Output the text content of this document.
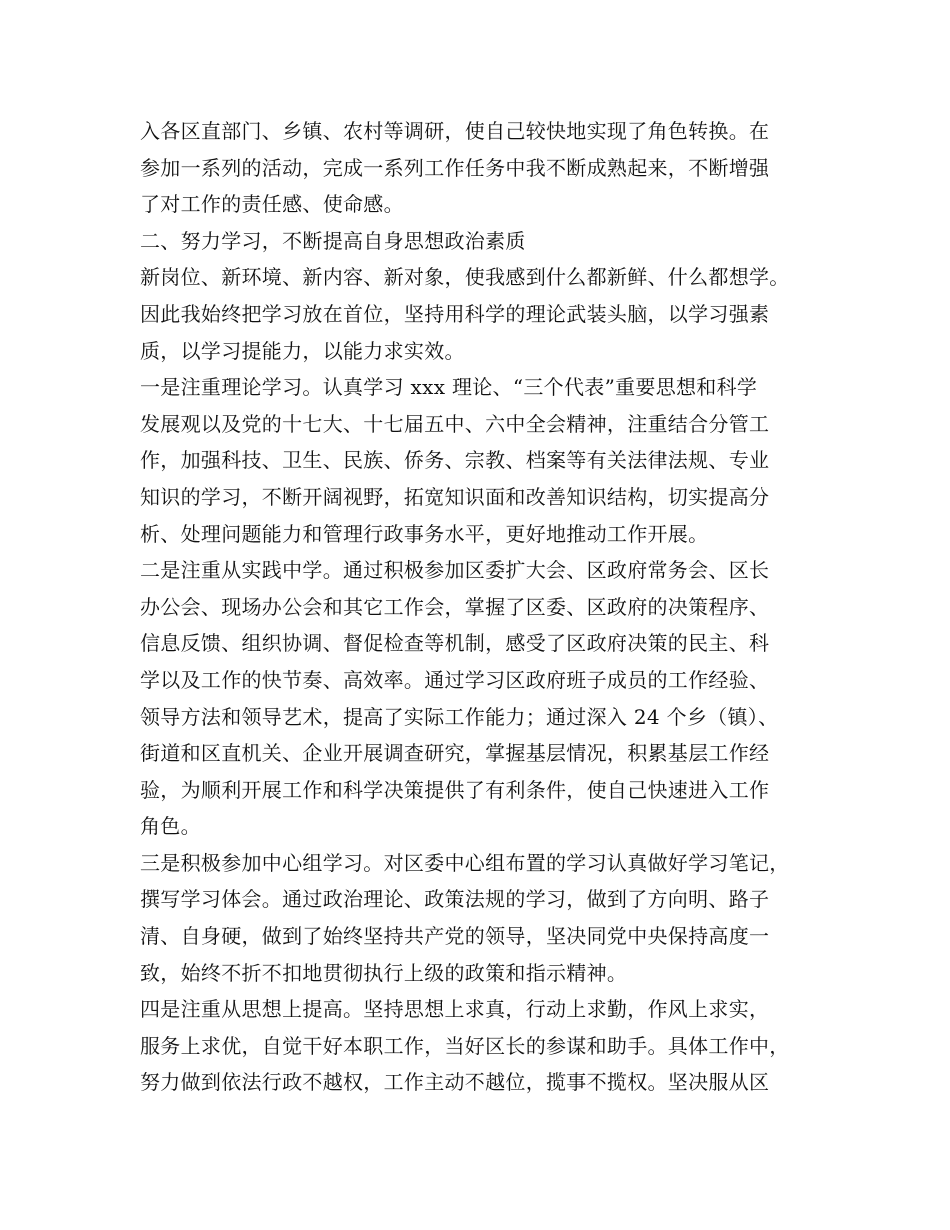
入各区直部门、乡镇、农村等调研，使自己较快地实现了角色转换。在
参加一系列的活动，完成一系列工作任务中我不断成熟起来，不断增强
了对工作的责任感、使命感。
二、努力学习，不断提高自身思想政治素质
新岗位、新环境、新内容、新对象，使我感到什么都新鲜、什么都想学。
因此我始终把学习放在首位，坚持用科学的理论武装头脑，以学习强素
质，以学习提能力，以能力求实效。
一是注重理论学习。认真学习 xxx 理论、“三个代表”重要思想和科学
发展观以及党的十七大、十七届五中、六中全会精神，注重结合分管工
作，加强科技、卫生、民族、侨务、宗教、档案等有关法律法规、专业
知识的学习，不断开阔视野，拓宽知识面和改善知识结构，切实提高分
析、处理问题能力和管理行政事务水平，更好地推动工作开展。
二是注重从实践中学。通过积极参加区委扩大会、区政府常务会、区长
办公会、现场办公会和其它工作会，掌握了区委、区政府的决策程序、
信息反馈、组织协调、督促检查等机制，感受了区政府决策的民主、科
学以及工作的快节奏、高效率。通过学习区政府班子成员的工作经验、
领导方法和领导艺术，提高了实际工作能力；通过深入 24 个乡（镇）、
街道和区直机关、企业开展调查研究，掌握基层情况，积累基层工作经
验，为顺利开展工作和科学决策提供了有利条件，使自己快速进入工作
角色。
三是积极参加中心组学习。对区委中心组布置的学习认真做好学习笔记，
撰写学习体会。通过政治理论、政策法规的学习，做到了方向明、路子
清、自身硬，做到了始终坚持共产党的领导，坚决同党中央保持高度一
致，始终不折不扣地贯彻执行上级的政策和指示精神。
四是注重从思想上提高。坚持思想上求真，行动上求勤，作风上求实，
服务上求优，自觉干好本职工作，当好区长的参谋和助手。具体工作中，
努力做到依法行政不越权，工作主动不越位，揽事不揽权。坚决服从区
